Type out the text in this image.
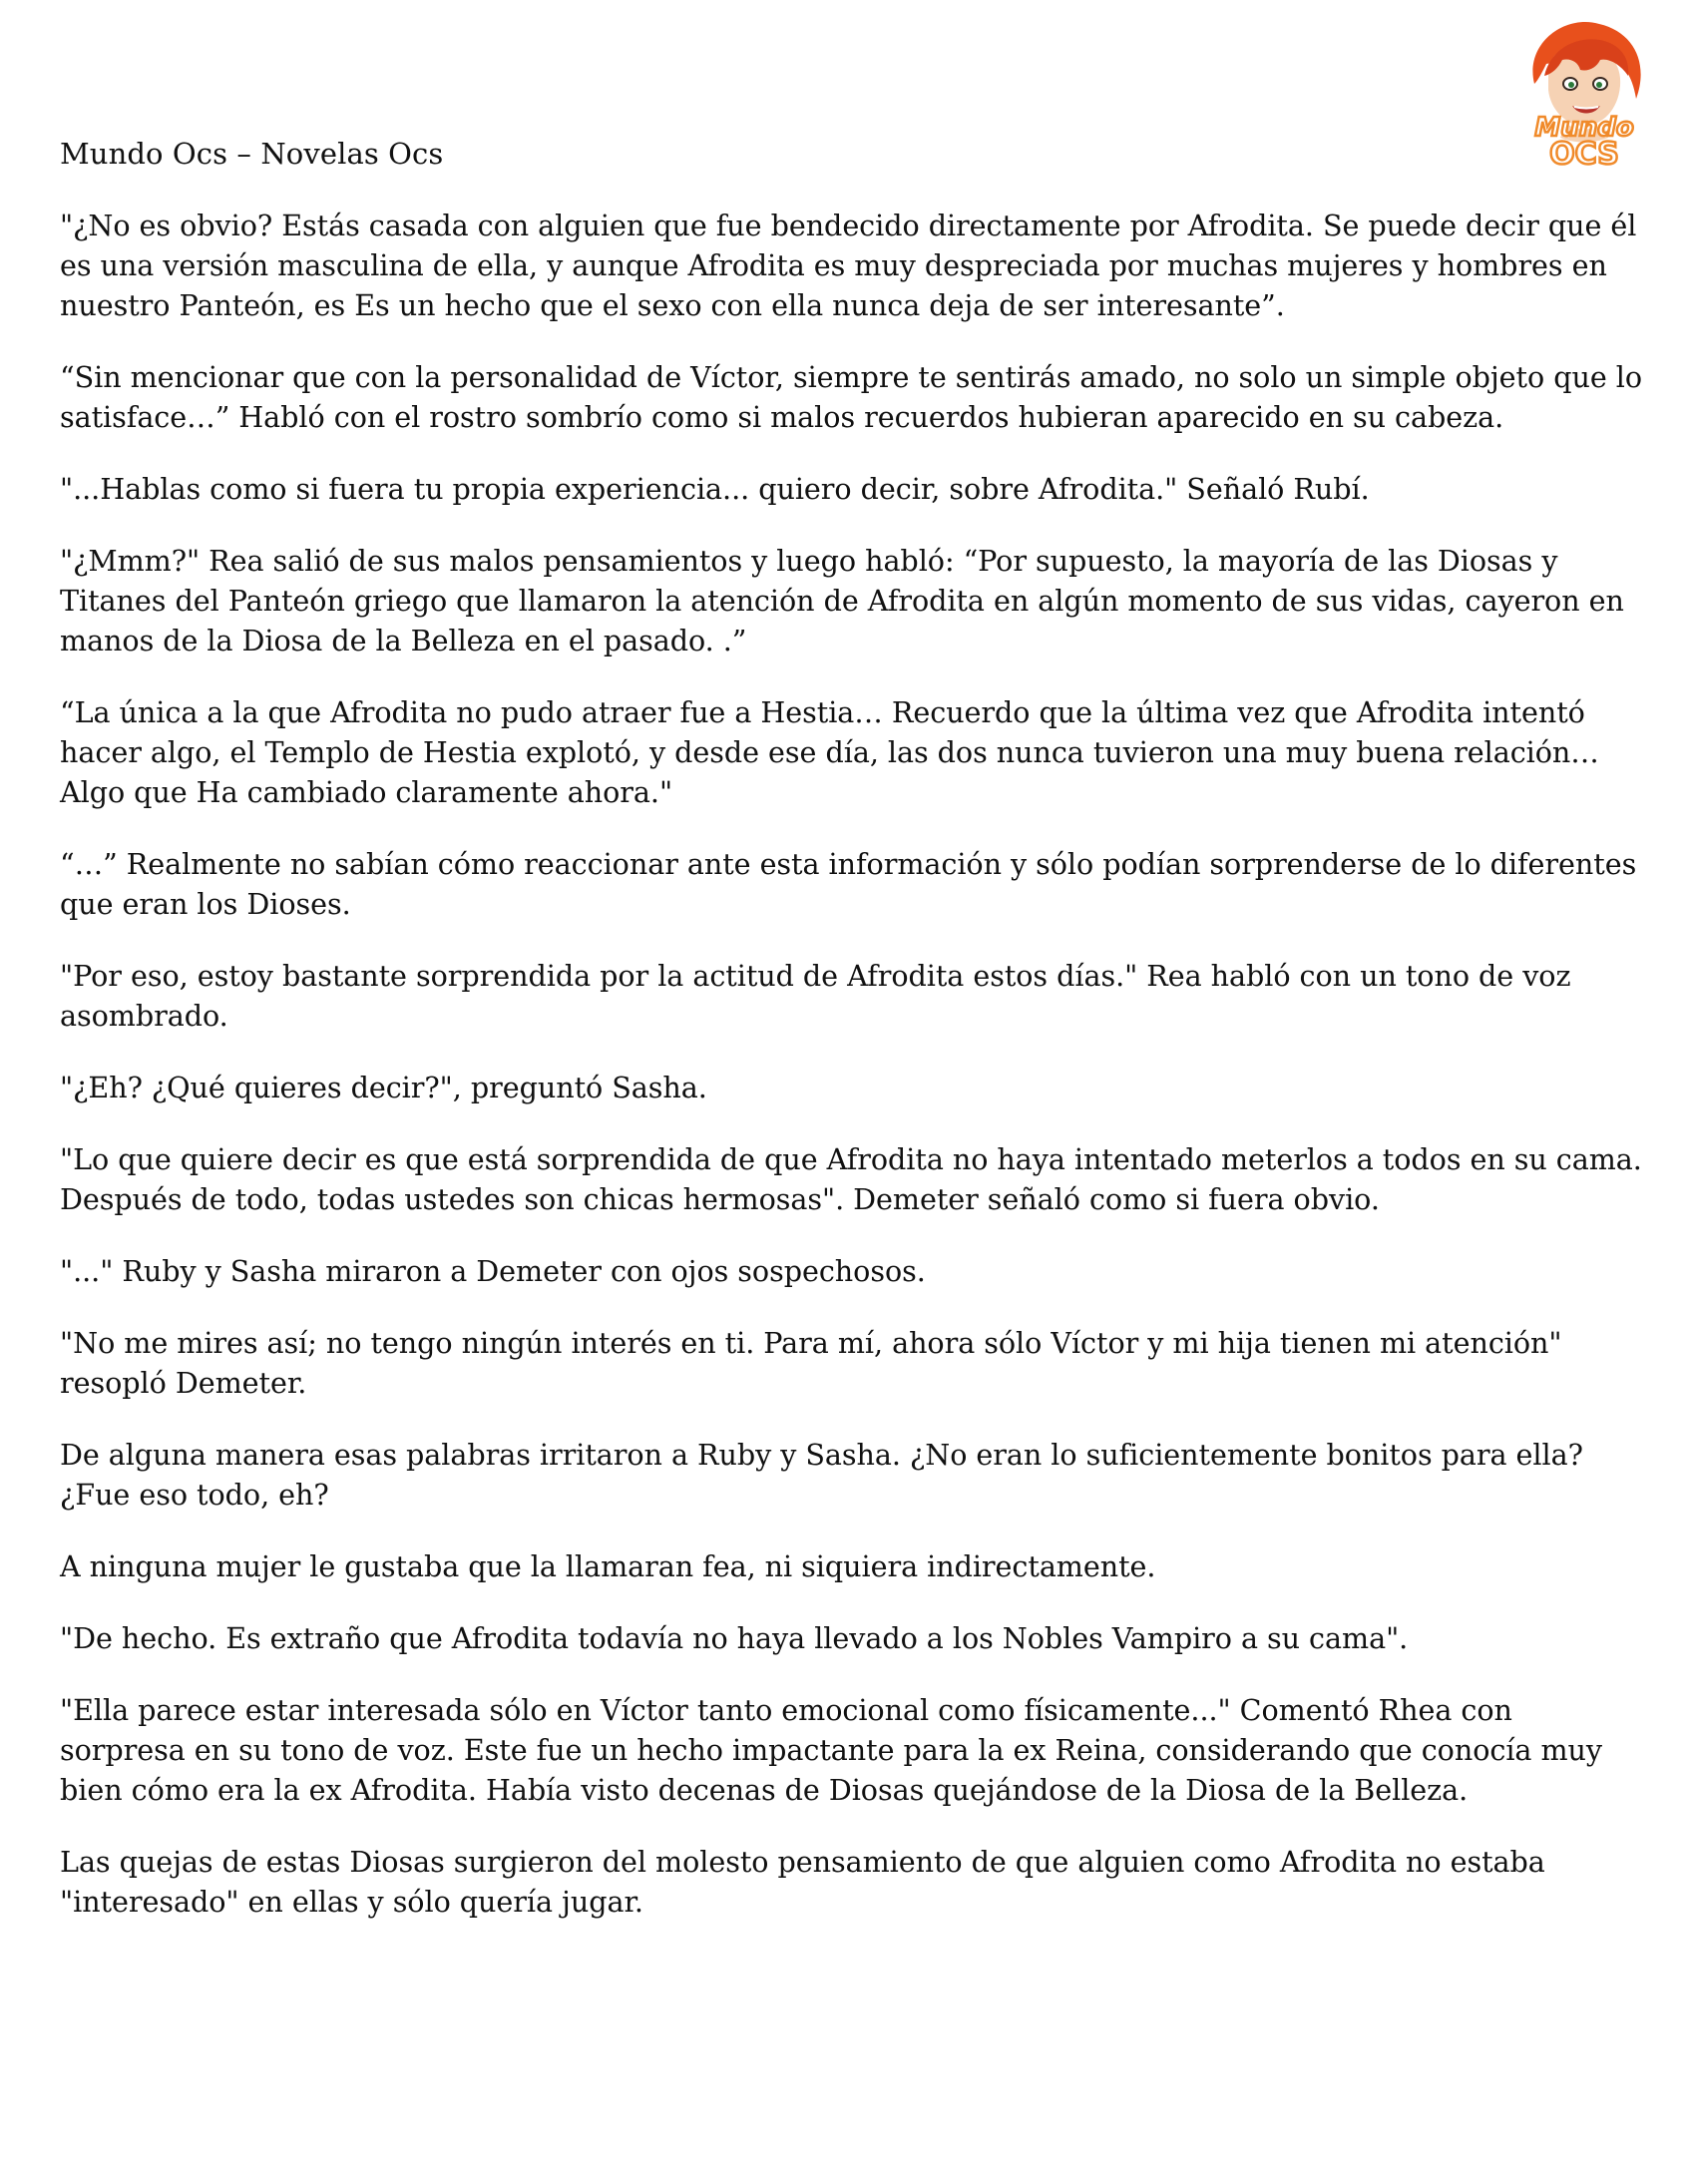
Mundo
OCS
Mundo Ocs – Novelas Ocs

"¿No es obvio? Estás casada con alguien que fue bendecido directamente por Afrodita. Se puede decir que él es una versión masculina de ella, y aunque Afrodita es muy despreciada por muchas mujeres y hombres en nuestro Panteón, es Es un hecho que el sexo con ella nunca deja de ser interesante”.

“Sin mencionar que con la personalidad de Víctor, siempre te sentirás amado, no solo un simple objeto que lo satisface…” Habló con el rostro sombrío como si malos recuerdos hubieran aparecido en su cabeza.

"...Hablas como si fuera tu propia experiencia... quiero decir, sobre Afrodita." Señaló Rubí.

"¿Mmm?" Rea salió de sus malos pensamientos y luego habló: “Por supuesto, la mayoría de las Diosas y Titanes del Panteón griego que llamaron la atención de Afrodita en algún momento de sus vidas, cayeron en manos de la Diosa de la Belleza en el pasado. .”

“La única a la que Afrodita no pudo atraer fue a Hestia… Recuerdo que la última vez que Afrodita intentó hacer algo, el Templo de Hestia explotó, y desde ese día, las dos nunca tuvieron una muy buena relación… Algo que Ha cambiado claramente ahora."

“…” Realmente no sabían cómo reaccionar ante esta información y sólo podían sorprenderse de lo diferentes que eran los Dioses.

"Por eso, estoy bastante sorprendida por la actitud de Afrodita estos días." Rea habló con un tono de voz asombrado.

"¿Eh? ¿Qué quieres decir?", preguntó Sasha.

"Lo que quiere decir es que está sorprendida de que Afrodita no haya intentado meterlos a todos en su cama. Después de todo, todas ustedes son chicas hermosas". Demeter señaló como si fuera obvio.

"..." Ruby y Sasha miraron a Demeter con ojos sospechosos.

"No me mires así; no tengo ningún interés en ti. Para mí, ahora sólo Víctor y mi hija tienen mi atención" resopló Demeter.

De alguna manera esas palabras irritaron a Ruby y Sasha. ¿No eran lo suficientemente bonitos para ella? ¿Fue eso todo, eh?

A ninguna mujer le gustaba que la llamaran fea, ni siquiera indirectamente.

"De hecho. Es extraño que Afrodita todavía no haya llevado a los Nobles Vampiro a su cama".

"Ella parece estar interesada sólo en Víctor tanto emocional como físicamente..." Comentó Rhea con sorpresa en su tono de voz. Este fue un hecho impactante para la ex Reina, considerando que conocía muy bien cómo era la ex Afrodita. Había visto decenas de Diosas quejándose de la Diosa de la Belleza.

Las quejas de estas Diosas surgieron del molesto pensamiento de que alguien como Afrodita no estaba "interesado" en ellas y sólo quería jugar.
